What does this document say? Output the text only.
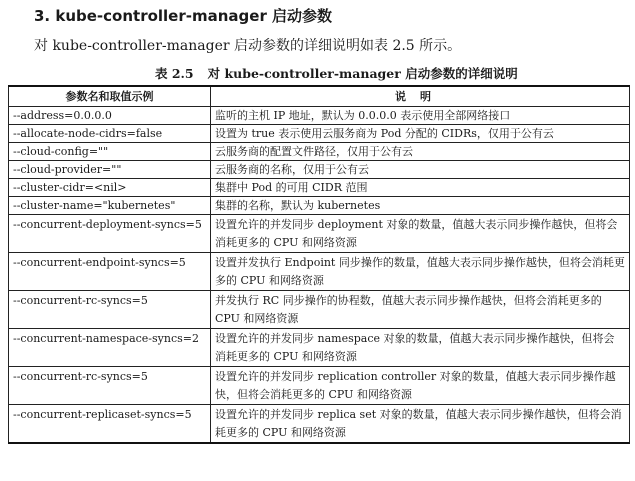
3. kube-controller-manager 启动参数
对 kube-controller-manager 启动参数的详细说明如表 2.5 所示。
表 2.5 对 kube-controller-manager 启动参数的详细说明
参数名和取值示例	说明
--address=0.0.0.0	监听的主机 IP 地址，默认为 0.0.0.0 表示使用全部网络接口
--allocate-node-cidrs=false	设置为 true 表示使用云服务商为 Pod 分配的 CIDRs，仅用于公有云
--cloud-config=""	云服务商的配置文件路径，仅用于公有云
--cloud-provider=""	云服务商的名称，仅用于公有云
--cluster-cidr=<nil>	集群中 Pod 的可用 CIDR 范围
--cluster-name="kubernetes"	集群的名称，默认为 kubernetes
--concurrent-deployment-syncs=5	设置允许的并发同步 deployment 对象的数量，值越大表示同步操作越快，但将会消耗更多的 CPU 和网络资源
--concurrent-endpoint-syncs=5	设置并发执行 Endpoint 同步操作的数量，值越大表示同步操作越快，但将会消耗更多的 CPU 和网络资源
--concurrent-rc-syncs=5	并发执行 RC 同步操作的协程数，值越大表示同步操作越快，但将会消耗更多的 CPU 和网络资源
--concurrent-namespace-syncs=2	设置允许的并发同步 namespace 对象的数量，值越大表示同步操作越快，但将会消耗更多的 CPU 和网络资源
--concurrent-rc-syncs=5	设置允许的并发同步 replication controller 对象的数量，值越大表示同步操作越快，但将会消耗更多的 CPU 和网络资源
--concurrent-replicaset-syncs=5	设置允许的并发同步 replica set 对象的数量，值越大表示同步操作越快，但将会消耗更多的 CPU 和网络资源
